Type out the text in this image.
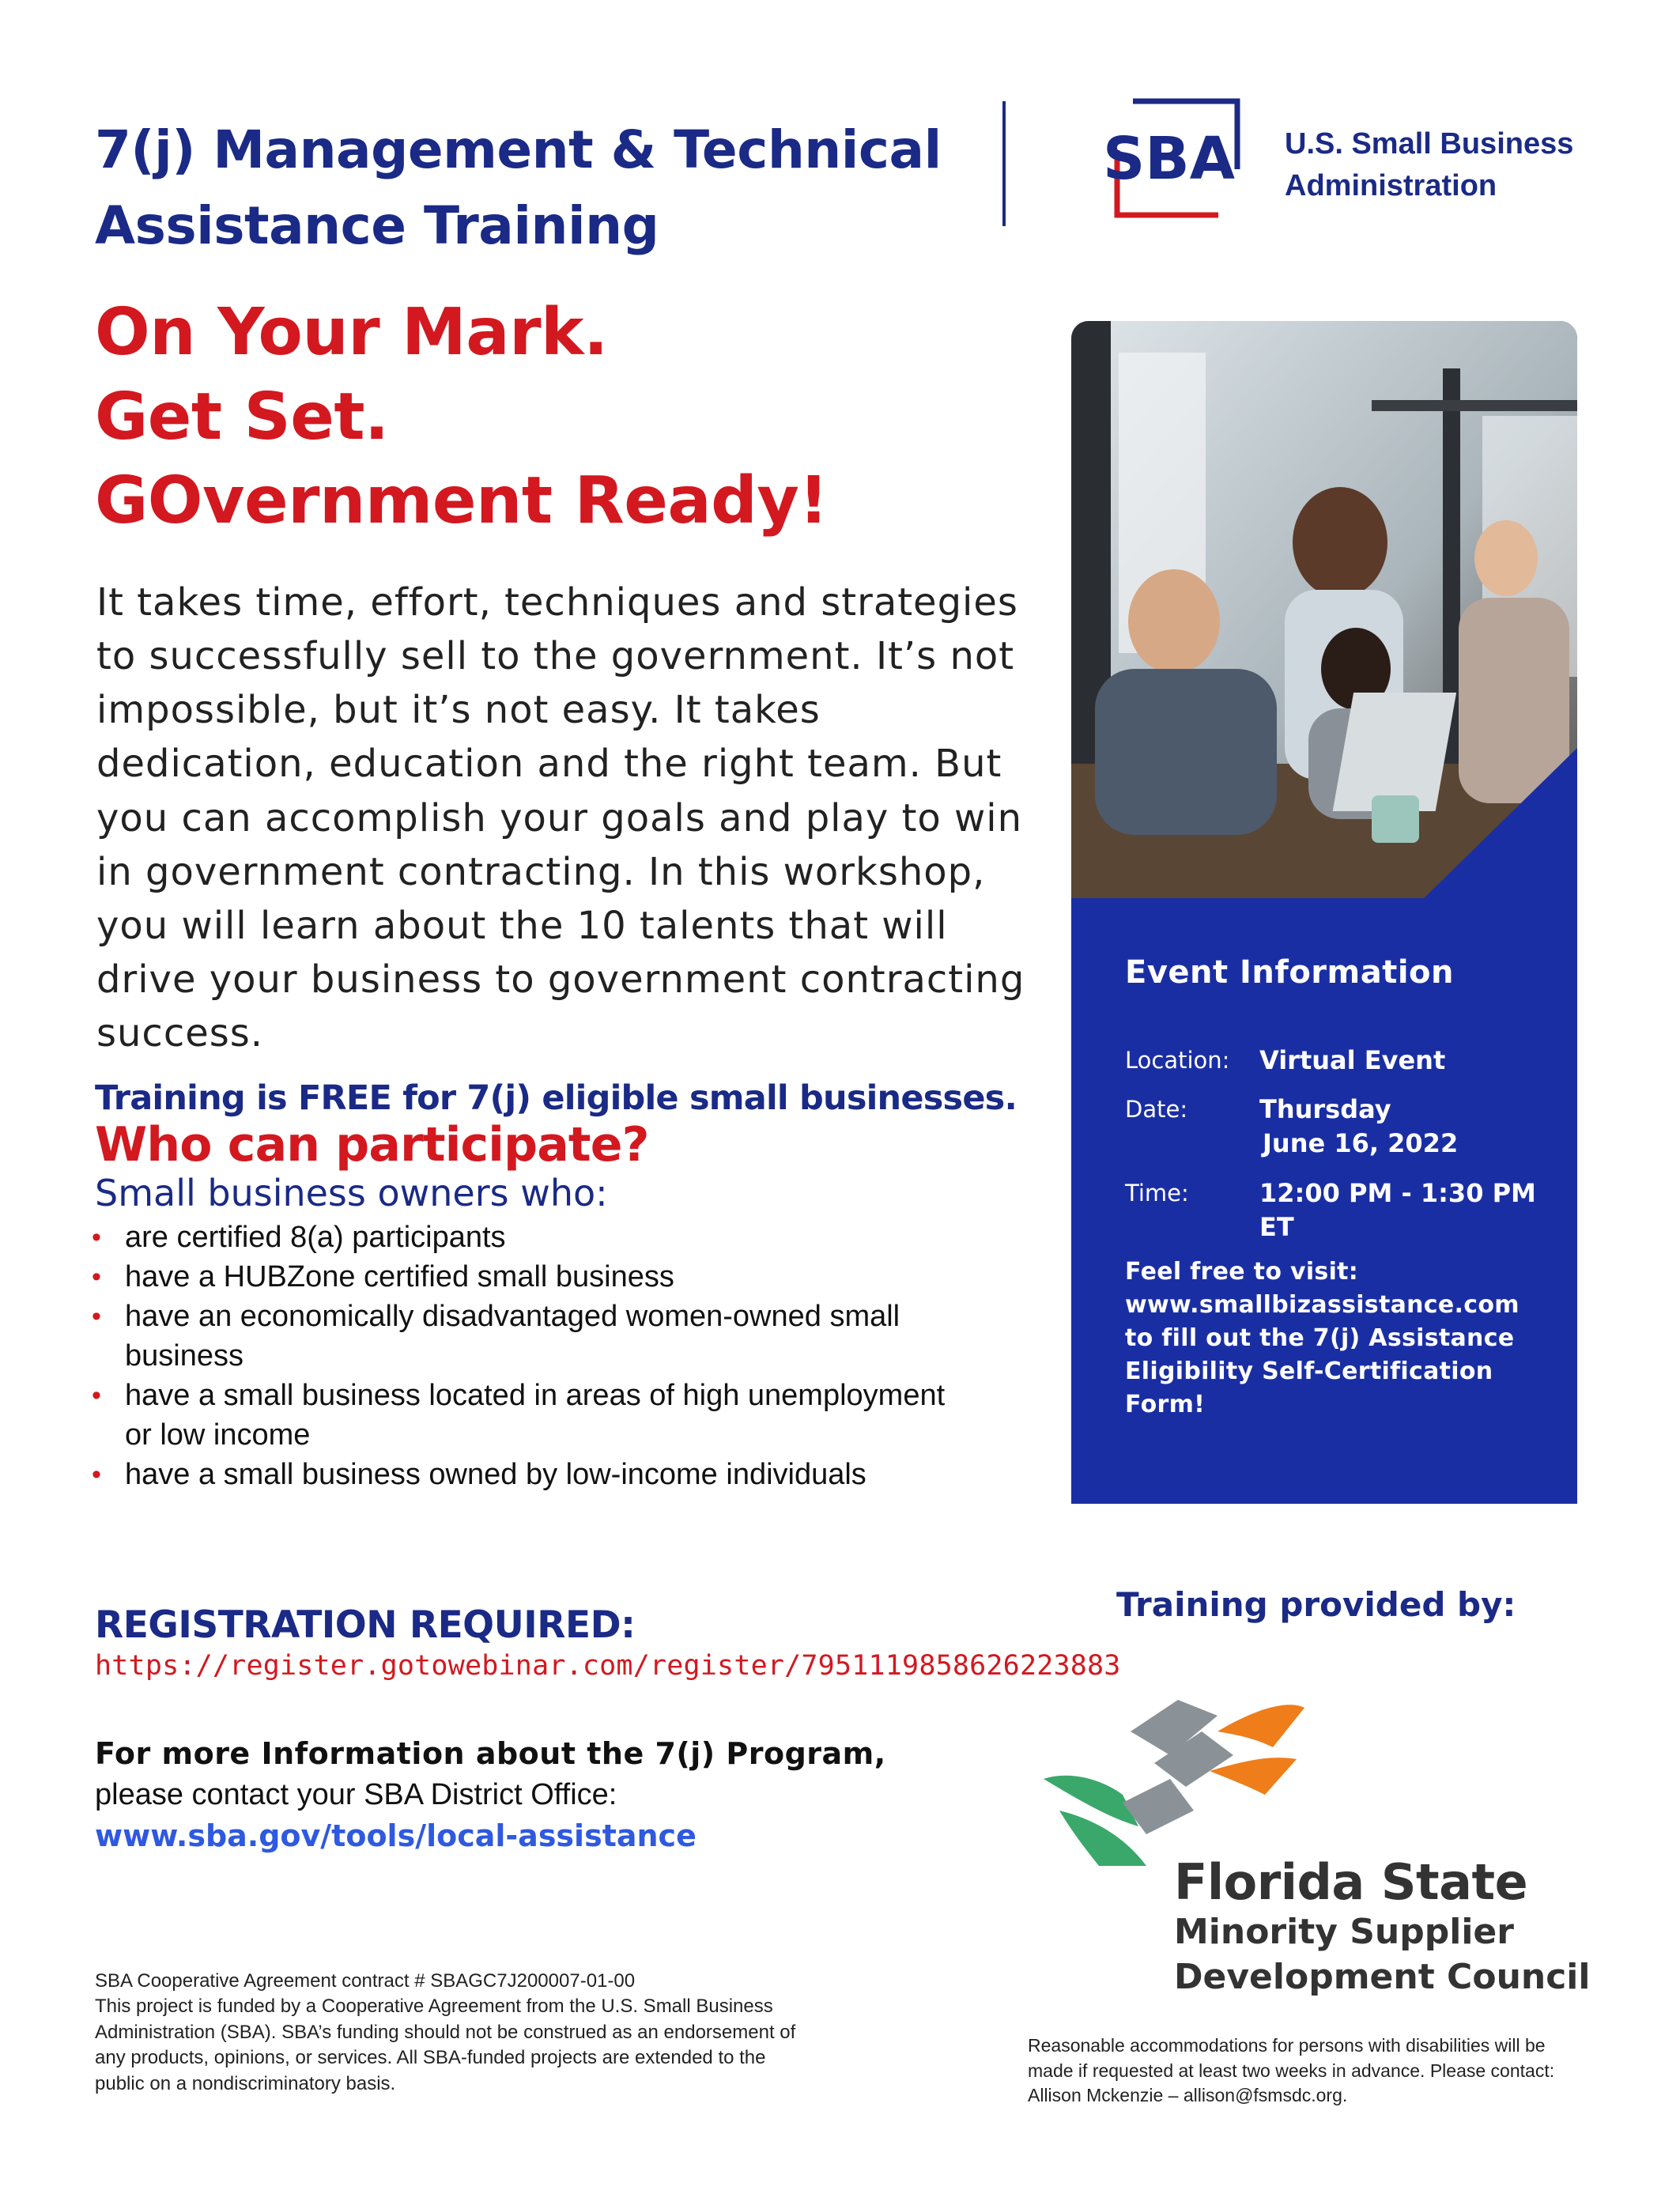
7(j) Management & Technical
Assistance Training
SBA U.S. Small Business
Administration
On Your Mark.
Get Set.
GOvernment Ready!

It takes time, effort, techniques and strategies to successfully sell to the government. It’s not impossible, but it’s not easy. It takes dedication, education and the right team. But you can accomplish your goals and play to win in government contracting. In this workshop, you will learn about the 10 talents that will drive your business to government contracting success.

Training is FREE for 7(j) eligible small businesses.

Who can participate?

Small business owners who:

• are certified 8(a) participants
• have a HUBZone certified small business
• have an economically disadvantaged women-owned small business
• have a small business located in areas of high unemployment or low income
• have a small business owned by low-income individuals
REGISTRATION REQUIRED:
https://register.gotowebinar.com/register/7951119858626223883
For more Information about the 7(j) Program,
please contact your SBA District Office:
www.sba.gov/tools/local-assistance
Event Information
Location: Virtual Event
Date:	Thursday
June 16, 2022
Time:	12:00 PM - 1:30 PM ET

Feel free to visit:
www.smallbizassistance.com
to fill out the 7(j) Assistance
Eligibility Self-Certification
Form!

Training provided by:

Florida State
Minority Supplier
Development Council

SBA Cooperative Agreement contract # SBAGC7J200007-01-00
This project is funded by a Cooperative Agreement from the U.S. Small Business
Administration (SBA). SBA’s funding should not be construed as an endorsement of
any products, opinions, or services. All SBA-funded projects are extended to the
public on a nondiscriminatory basis.

Reasonable accommodations for persons with disabilities will be made if requested at least two weeks in advance. Please contact: Allison Mckenzie – allison@fsmsdc.org.
